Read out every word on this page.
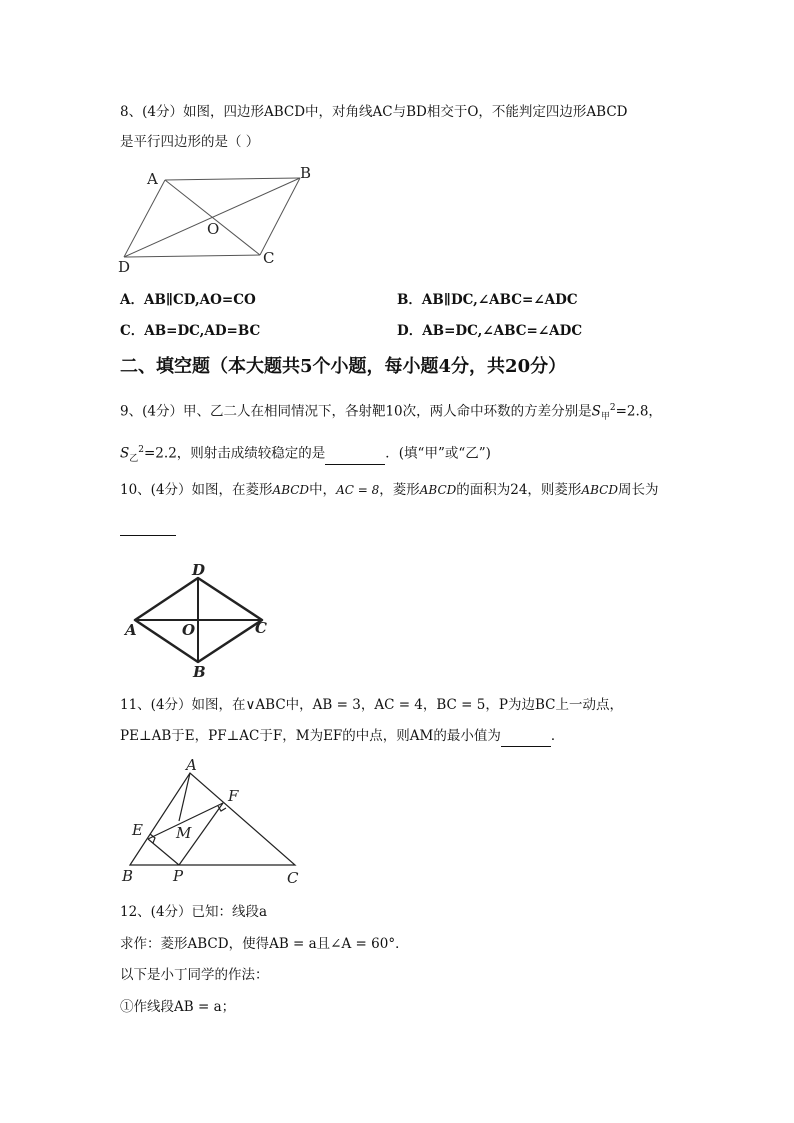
8、(4分）如图，四边形ABCD中，对角线AC与BD相交于O，不能判定四边形ABCD
是平行四边形的是（ ）
A	B
C
D
O
A．AB∥CD,AO=CO	B．AB∥DC,∠ABC=∠ADC
C．AB=DC,AD=BC	D．AB=DC,∠ABC=∠ADC
二、填空题（本大题共5个小题，每小题4分，共20分）
9、(4分）甲、乙二人在相同情况下，各射靶10次，两人命中环数的方差分别是$S_甲^2=2.8$，
$S_乙^2=2.2$，则射击成绩较稳定的是	．(填“甲”或“乙”)
10、(4分）如图，在菱形ABCD中，AC = 8，菱形ABCD的面积为24，则菱形ABCD周长为
A
B
C
D
O
11、(4分）如图，在∨ABC中，AB = 3，AC = 4，BC = 5，P为边BC上一动点，
PE⊥AB于E，PF⊥AC于F，M为EF的中点，则AM的最小值为	．
A
B	C
E
F
M
P
12、(4分）已知：线段a
求作：菱形ABCD，使得AB = a且∠A = 60°．
以下是小丁同学的作法：
①作线段AB = a；
